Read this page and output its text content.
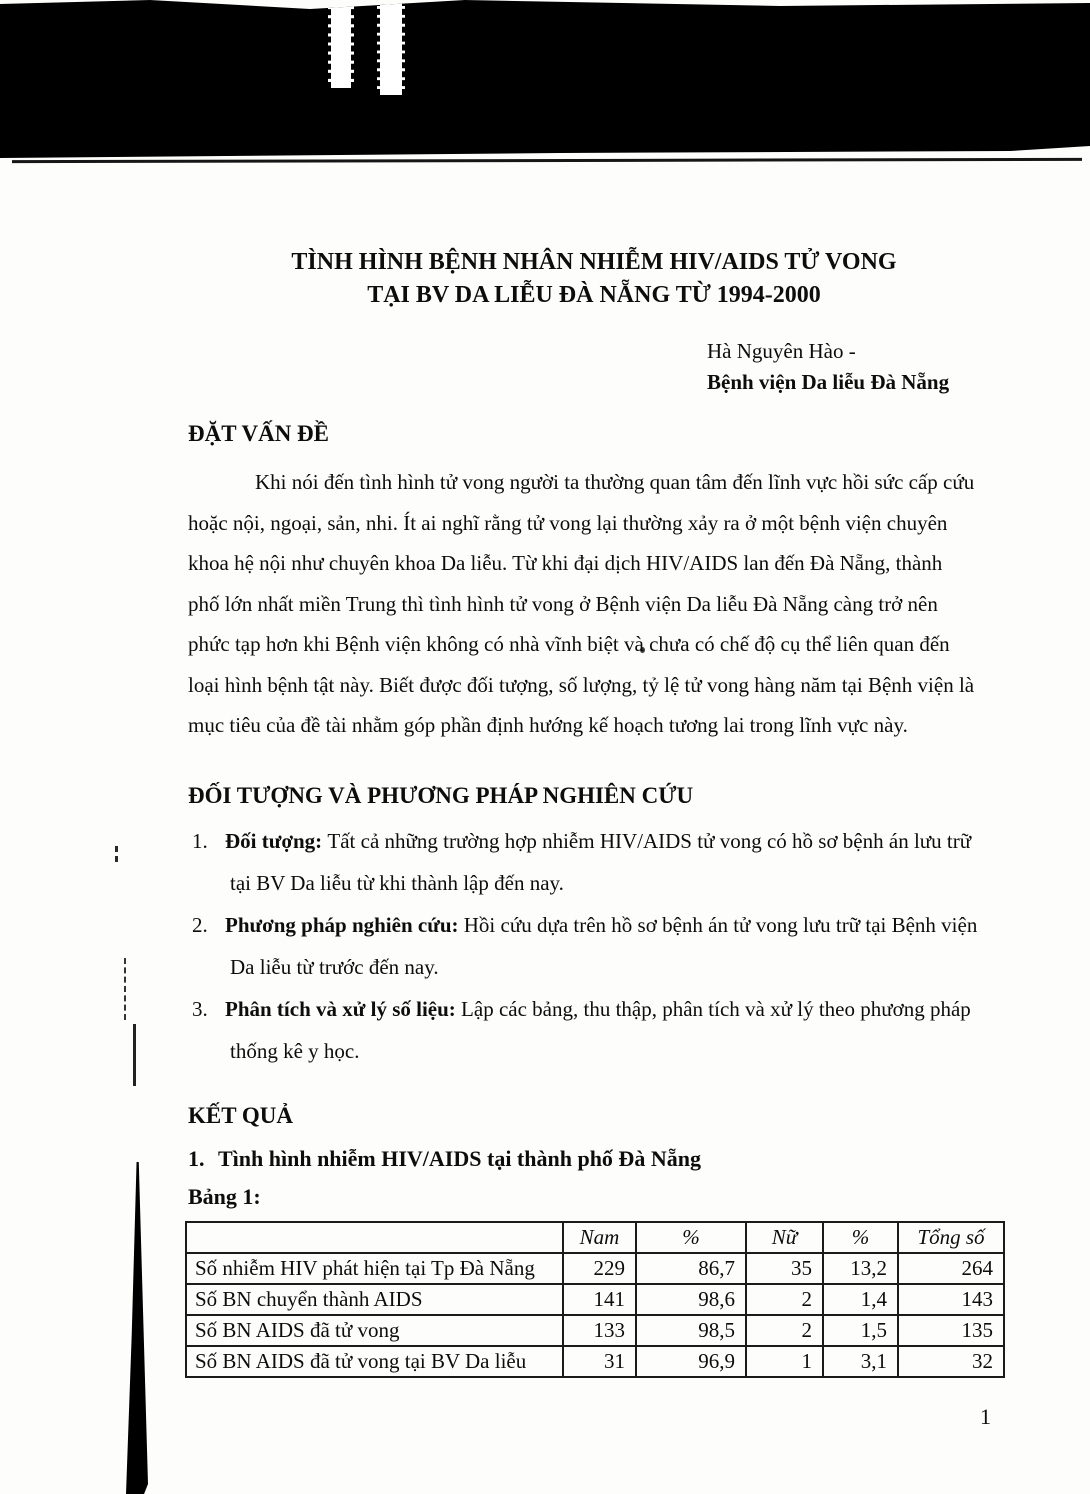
TÌNH HÌNH BỆNH NHÂN NHIỄM HIV/AIDS TỬ VONG
TẠI BV DA LIỄU ĐÀ NẴNG TỪ 1994-2000
Hà Nguyên Hào -
Bệnh viện Da liễu Đà Nẵng
ĐẶT VẤN ĐỀ
Khi nói đến tình hình tử vong người ta thường quan tâm đến lĩnh vực hồi sức cấp cứu
hoặc nội, ngoại, sản, nhi. Ít ai nghĩ rằng tử vong lại thường xảy ra ở một bệnh viện chuyên
khoa hệ nội như chuyên khoa Da liễu. Từ khi đại dịch HIV/AIDS lan đến Đà Nẵng, thành
phố lớn nhất miền Trung thì tình hình tử vong ở Bệnh viện Da liễu Đà Nẵng càng trở nên
phức tạp hơn khi Bệnh viện không có nhà vĩnh biệt và chưa có chế độ cụ thể liên quan đến
loại hình bệnh tật này. Biết được đối tượng, số lượng, tỷ lệ tử vong hàng năm tại Bệnh viện là
mục tiêu của đề tài nhằm góp phần định hướng kế hoạch tương lai trong lĩnh vực này.
ĐỐI TƯỢNG VÀ PHƯƠNG PHÁP NGHIÊN CỨU
1. Đối tượng: Tất cả những trường hợp nhiễm HIV/AIDS tử vong có hồ sơ bệnh án lưu trữ
tại BV Da liễu từ khi thành lập đến nay.
2. Phương pháp nghiên cứu: Hồi cứu dựa trên hồ sơ bệnh án tử vong lưu trữ tại Bệnh viện
Da liễu từ trước đến nay.
3. Phân tích và xử lý số liệu: Lập các bảng, thu thập, phân tích và xử lý theo phương pháp
thống kê y học.
KẾT QUẢ
1. Tình hình nhiễm HIV/AIDS tại thành phố Đà Nẵng
Bảng 1:
	Nam	%	Nữ	%	Tổng số
Số nhiễm HIV phát hiện tại Tp Đà Nẵng	229	86,7	35	13,2	264
Số BN chuyển thành AIDS	141	98,6	2	1,4	143
Số BN AIDS đã tử vong	133	98,5	2	1,5	135
Số BN AIDS đã tử vong tại BV Da liễu	31	96,9	1	3,1	32
1
